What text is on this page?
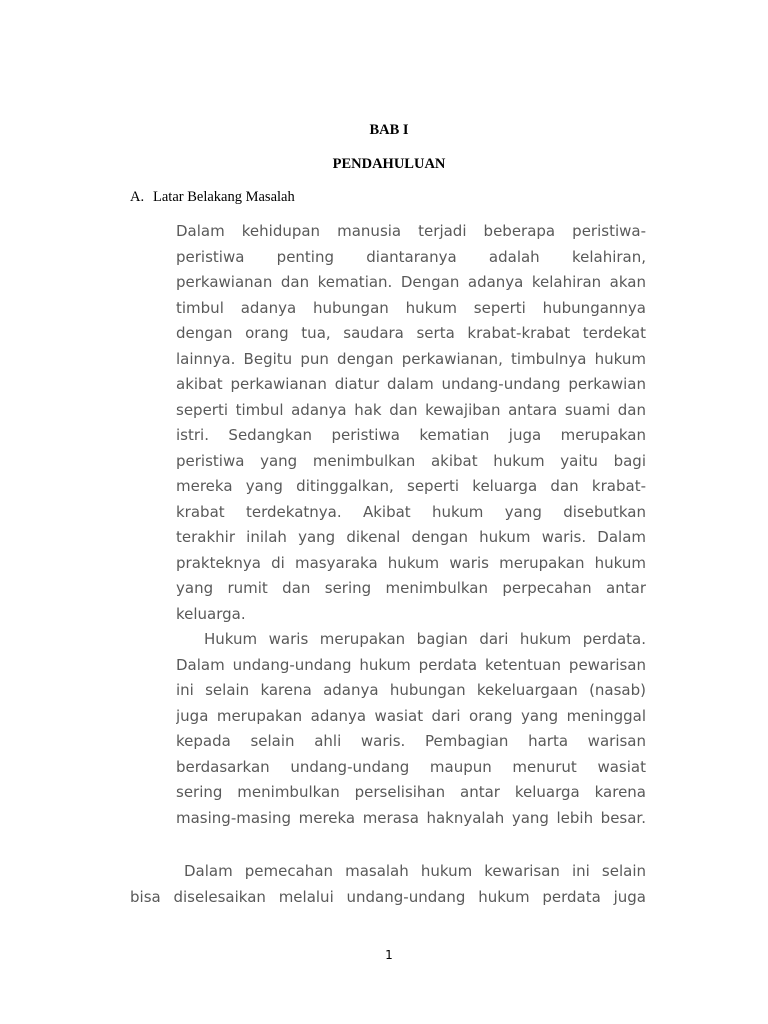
BAB I
PENDAHULUAN
A. Latar Belakang Masalah
Dalam kehidupan manusia terjadi beberapa peristiwa-
peristiwa penting diantaranya adalah kelahiran,
perkawianan dan kematian. Dengan adanya kelahiran akan
timbul adanya hubungan hukum seperti hubungannya
dengan orang tua, saudara serta krabat-krabat terdekat
lainnya. Begitu pun dengan perkawianan, timbulnya hukum
akibat perkawianan diatur dalam undang-undang perkawian
seperti timbul adanya hak dan kewajiban antara suami dan
istri. Sedangkan peristiwa kematian juga merupakan
peristiwa yang menimbulkan akibat hukum yaitu bagi
mereka yang ditinggalkan, seperti keluarga dan krabat-
krabat terdekatnya. Akibat hukum yang disebutkan
terakhir inilah yang dikenal dengan hukum waris. Dalam
prakteknya di masyaraka hukum waris merupakan hukum
yang rumit dan sering menimbulkan perpecahan antar
keluarga.
Hukum waris merupakan bagian dari hukum perdata.
Dalam undang-undang hukum perdata ketentuan pewarisan
ini selain karena adanya hubungan kekeluargaan (nasab)
juga merupakan adanya wasiat dari orang yang meninggal
kepada selain ahli waris. Pembagian harta warisan
berdasarkan undang-undang maupun menurut wasiat
sering menimbulkan perselisihan antar keluarga karena
masing-masing mereka merasa haknyalah yang lebih besar.
Dalam pemecahan masalah hukum kewarisan ini selain
bisa diselesaikan melalui undang-undang hukum perdata juga
1
